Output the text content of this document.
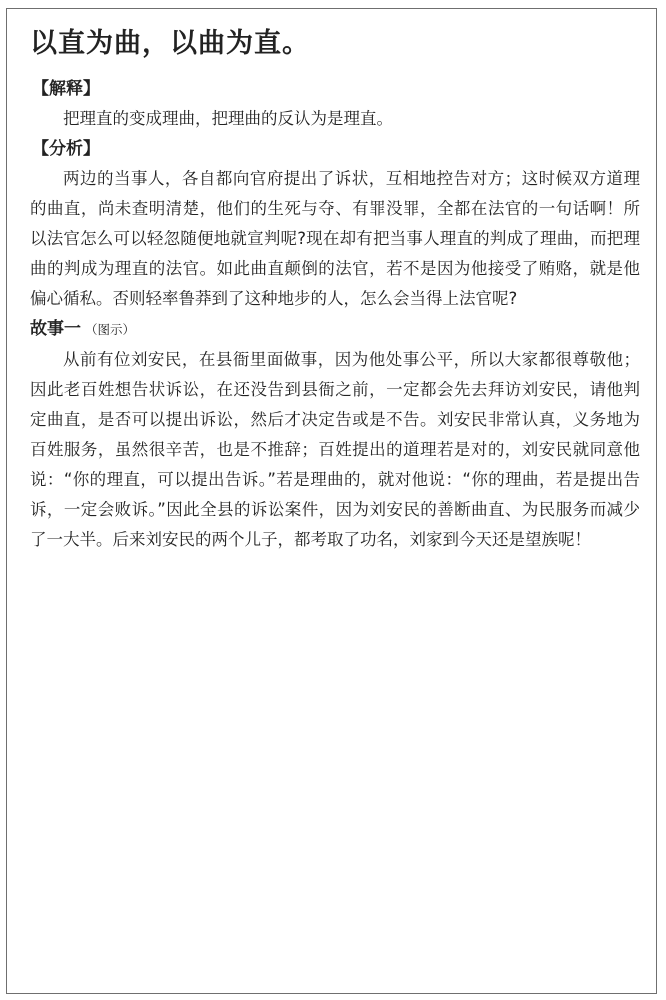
以直为曲，以曲为直。
【解释】

把理直的变成理曲，把理曲的反认为是理直。

【分析】

两边的当事人，各自都向官府提出了诉状，互相地控告对方；这时候双方道理的曲直，尚未查明清楚，他们的生死与夺、有罪没罪，全都在法官的一句话啊！所以法官怎么可以轻忽随便地就宣判呢?现在却有把当事人理直的判成了理曲，而把理曲的判成为理直的法官。如此曲直颠倒的法官，若不是因为他接受了贿赂，就是他偏心循私。否则轻率鲁莽到了这种地步的人，怎么会当得上法官呢?

故事一 （图示）

从前有位刘安民，在县衙里面做事，因为他处事公平，所以大家都很尊敬他；因此老百姓想告状诉讼，在还没告到县衙之前，一定都会先去拜访刘安民，请他判定曲直，是否可以提出诉讼，然后才决定告或是不告。刘安民非常认真，义务地为百姓服务，虽然很辛苦，也是不推辞；百姓提出的道理若是对的，刘安民就同意他说：“你的理直，可以提出告诉。”若是理曲的，就对他说：“你的理曲，若是提出告诉，一定会败诉。”因此全县的诉讼案件，因为刘安民的善断曲直、为民服务而减少了一大半。后来刘安民的两个儿子，都考取了功名，刘家到今天还是望族呢！
